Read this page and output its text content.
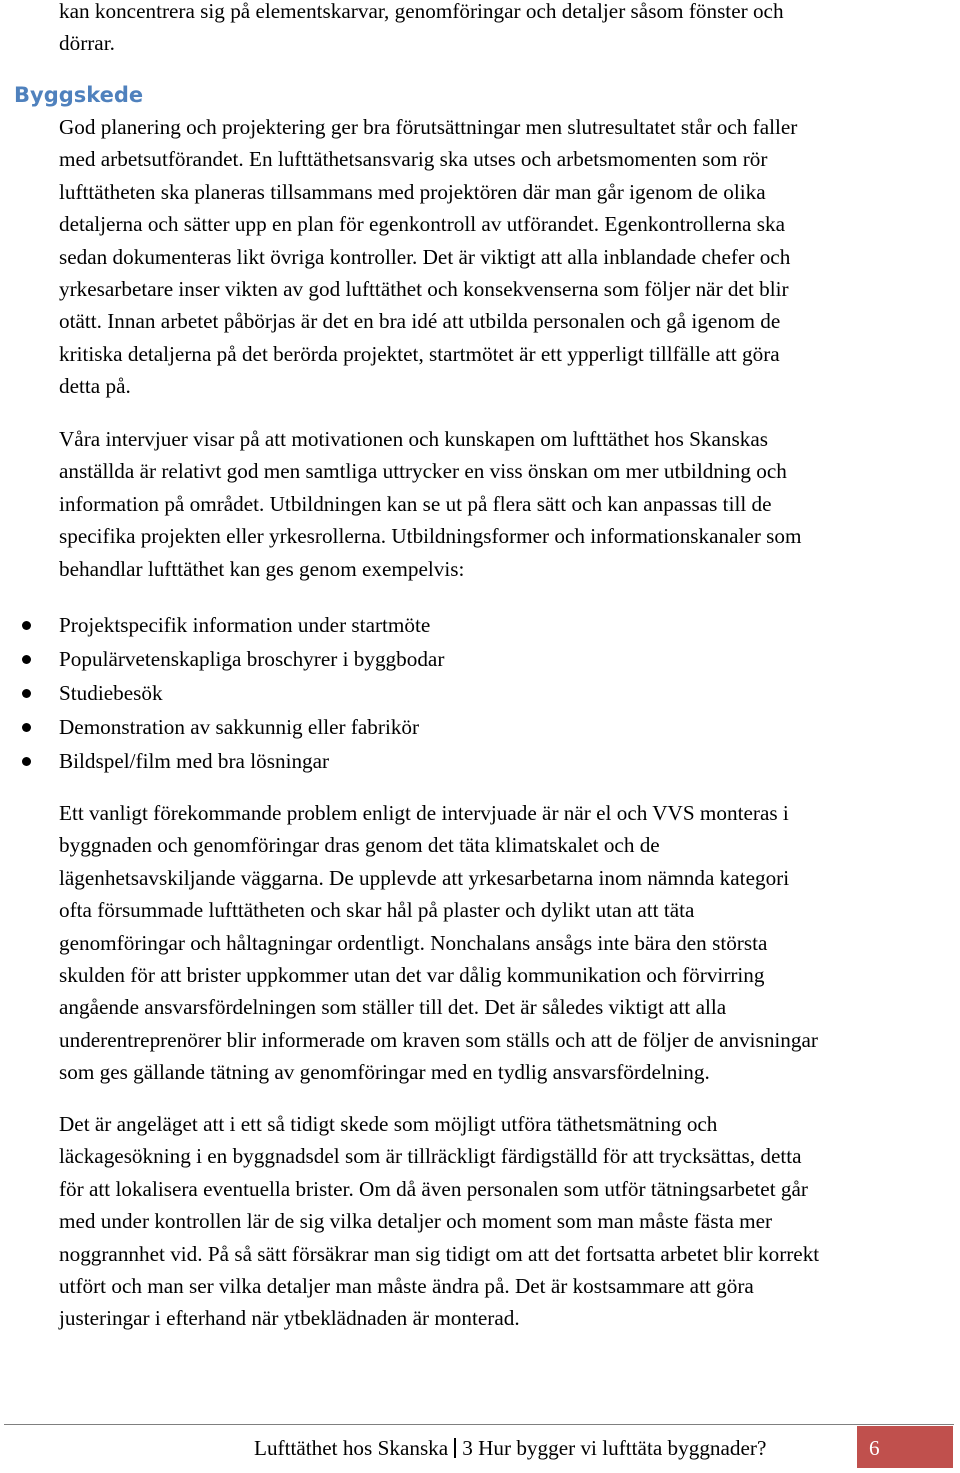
kan koncentrera sig på elementskarvar, genomföringar och detaljer såsom fönster och
dörrar.

Byggskede

God planering och projektering ger bra förutsättningar men slutresultatet står och faller
med arbetsutförandet. En lufttäthetsansvarig ska utses och arbetsmomenten som rör
lufttätheten ska planeras tillsammans med projektören där man går igenom de olika
detaljerna och sätter upp en plan för egenkontroll av utförandet. Egenkontrollerna ska
sedan dokumenteras likt övriga kontroller. Det är viktigt att alla inblandade chefer och
yrkesarbetare inser vikten av god lufttäthet och konsekvenserna som följer när det blir
otätt. Innan arbetet påbörjas är det en bra idé att utbilda personalen och gå igenom de
kritiska detaljerna på det berörda projektet, startmötet är ett ypperligt tillfälle att göra
detta på.

Våra intervjuer visar på att motivationen och kunskapen om lufttäthet hos Skanskas
anställda är relativt god men samtliga uttrycker en viss önskan om mer utbildning och
information på området. Utbildningen kan se ut på flera sätt och kan anpassas till de
specifika projekten eller yrkesrollerna. Utbildningsformer och informationskanaler som
behandlar lufttäthet kan ges genom exempelvis:

Projektspecifik information under startmöte
Populärvetenskapliga broschyrer i byggbodar
Studiebesök
Demonstration av sakkunnig eller fabrikör
Bildspel/film med bra lösningar

Ett vanligt förekommande problem enligt de intervjuade är när el och VVS monteras i
byggnaden och genomföringar dras genom det täta klimatskalet och de
lägenhetsavskiljande väggarna. De upplevde att yrkesarbetarna inom nämnda kategori
ofta försummade lufttätheten och skar hål på plaster och dylikt utan att täta
genomföringar och håltagningar ordentligt. Nonchalans ansågs inte bära den största
skulden för att brister uppkommer utan det var dålig kommunikation och förvirring
angående ansvarsfördelningen som ställer till det. Det är således viktigt att alla
underentreprenörer blir informerade om kraven som ställs och att de följer de anvisningar
som ges gällande tätning av genomföringar med en tydlig ansvarsfördelning.

Det är angeläget att i ett så tidigt skede som möjligt utföra täthetsmätning och
läckagesökning i en byggnadsdel som är tillräckligt färdigställd för att trycksättas, detta
för att lokalisera eventuella brister. Om då även personalen som utför tätningsarbetet går
med under kontrollen lär de sig vilka detaljer och moment som man måste fästa mer
noggrannhet vid. På så sätt försäkrar man sig tidigt om att det fortsatta arbetet blir korrekt
utfört och man ser vilka detaljer man måste ändra på. Det är kostsammare att göra
justeringar i efterhand när ytbeklädnaden är monterad.

Lufttäthet hos Skanska 3 Hur bygger vi lufttäta byggnader?	6
